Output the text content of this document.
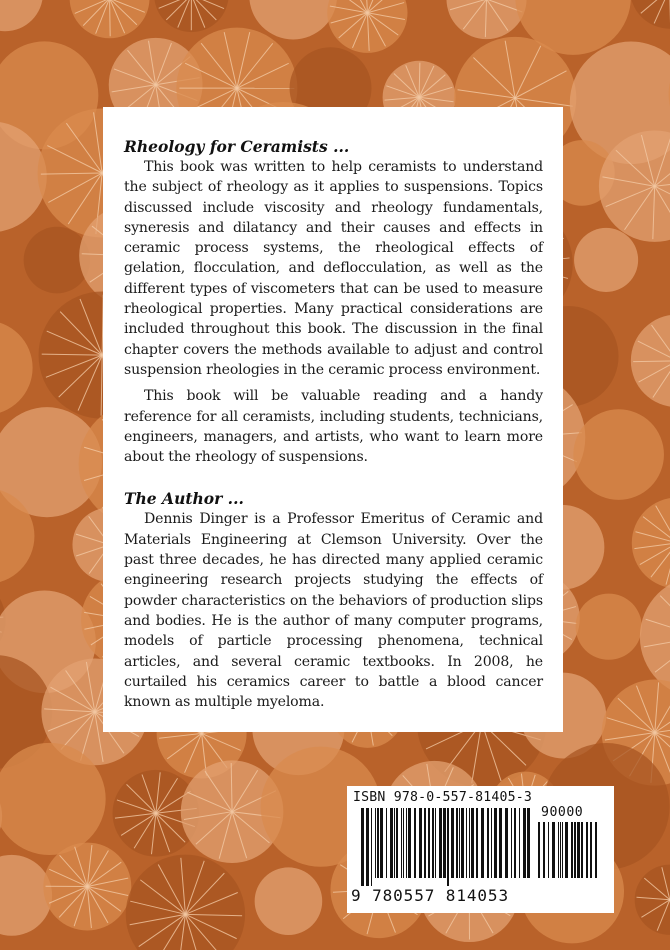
Rheology for Ceramists ...

This book was written to help ceramists to understand the subject of rheology as it applies to suspensions. Topics discussed include viscosity and rheology fundamentals, syneresis and dilatancy and their causes and effects in ceramic process systems, the rheological effects of gelation, flocculation, and deflocculation, as well as the different types of viscometers that can be used to measure rheological properties. Many practical considerations are included throughout this book. The discussion in the final chapter covers the methods available to adjust and control suspension rheologies in the ceramic process environment.

This book will be valuable reading and a handy reference for all ceramists, including students, technicians, engineers, managers, and artists, who want to learn more about the rheology of suspensions.

The Author ...

Dennis Dinger is a Professor Emeritus of Ceramic and Materials Engineering at Clemson University. Over the past three decades, he has directed many applied ceramic engineering research projects studying the effects of powder characteristics on the behaviors of production slips and bodies. He is the author of many computer programs, models of particle processing phenomena, technical articles, and several ceramic textbooks. In 2008, he curtailed his ceramics career to battle a blood cancer known as multiple myeloma.

ISBN 978-0-557-81405-3
90000
9 780557 814053
